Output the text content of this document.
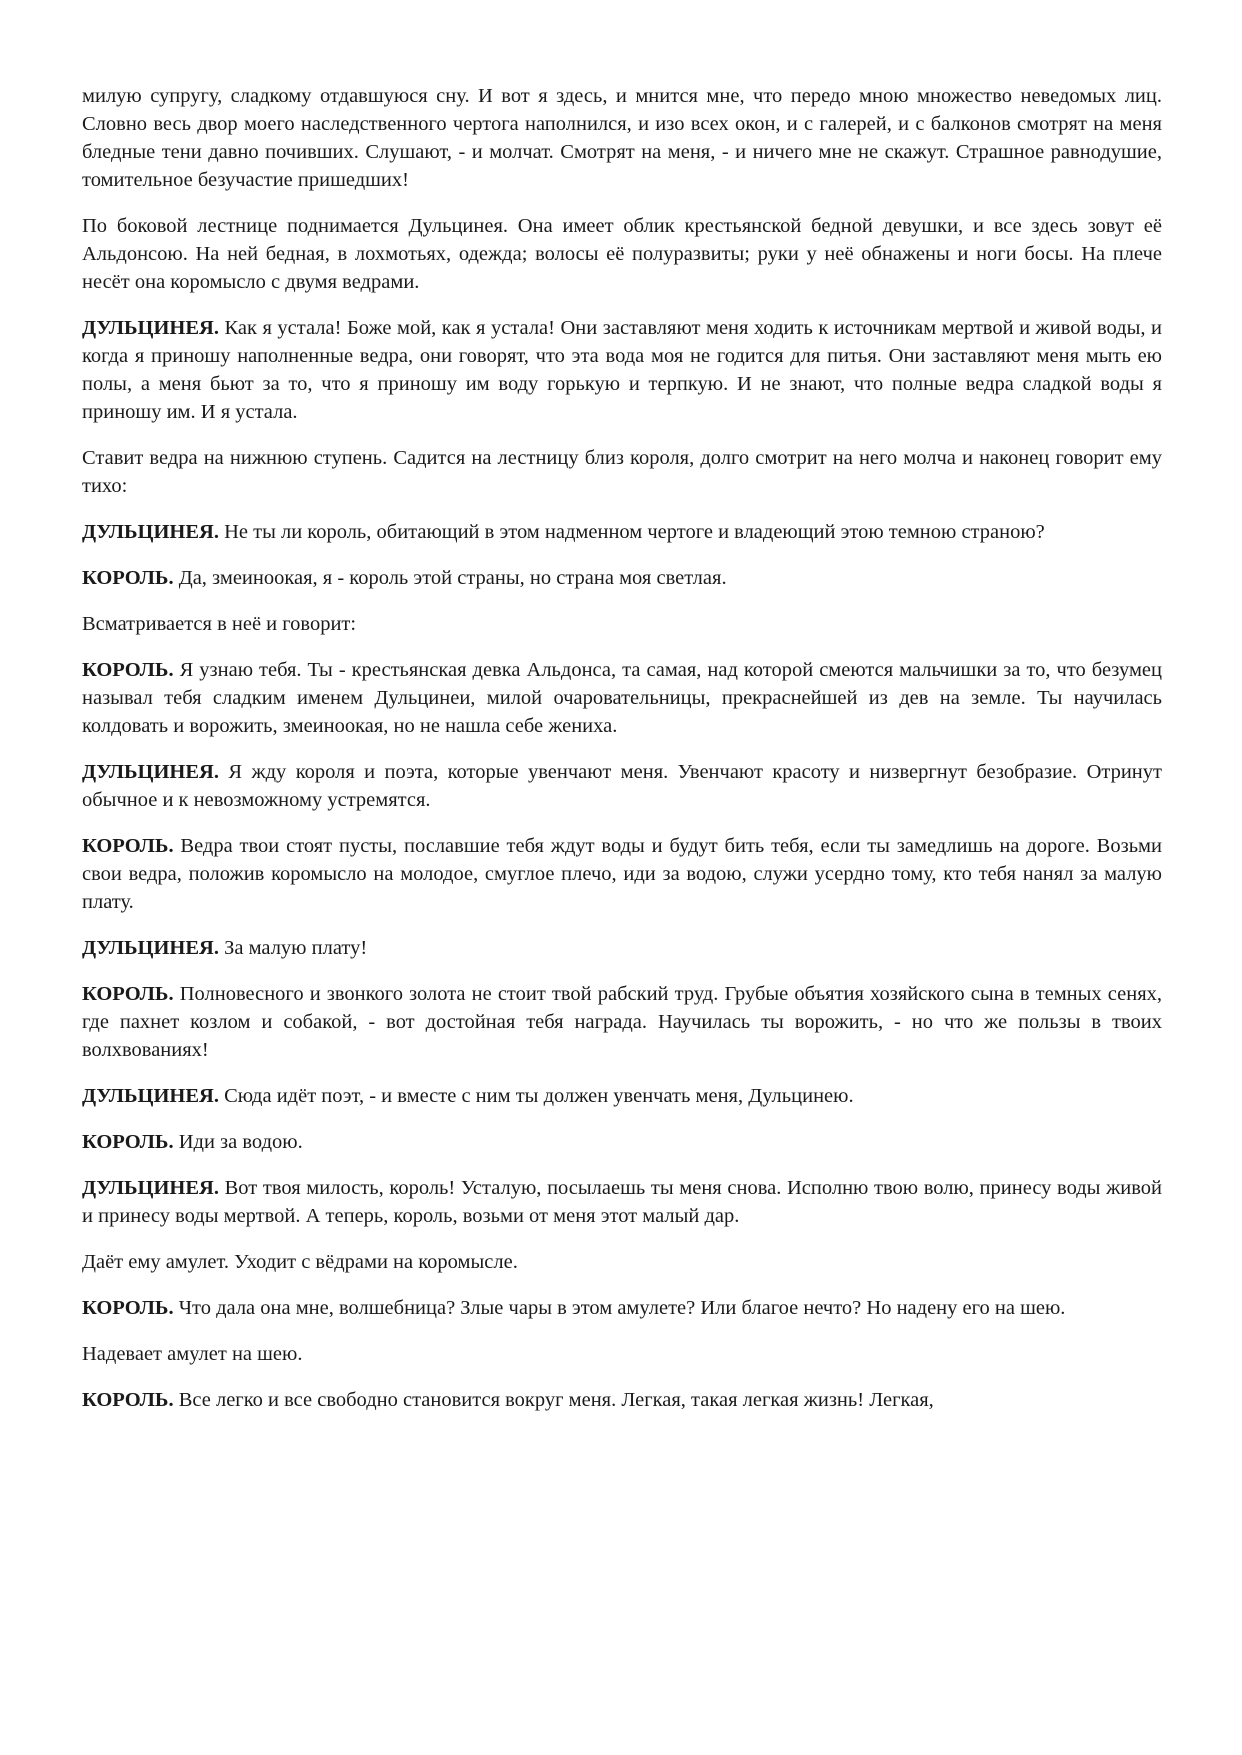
милую супругу, сладкому отдавшуюся сну. И вот я здесь, и мнится мне, что передо мною множество неведомых лиц. Словно весь двор моего наследственного чертога наполнился, и изо всех окон, и с галерей, и с балконов смотрят на меня бледные тени давно почивших. Слушают, - и молчат. Смотрят на меня, - и ничего мне не скажут. Страшное равнодушие, томительное безучастие пришедших!

По боковой лестнице поднимается Дульцинея. Она имеет облик крестьянской бедной девушки, и все здесь зовут её Альдонсою. На ней бедная, в лохмотьях, одежда; волосы её полуразвиты; руки у неё обнажены и ноги босы. На плече несёт она коромысло с двумя ведрами.

ДУЛЬЦИНЕЯ. Как я устала! Боже мой, как я устала! Они заставляют меня ходить к источникам мертвой и живой воды, и когда я приношу наполненные ведра, они говорят, что эта вода моя не годится для питья. Они заставляют меня мыть ею полы, а меня бьют за то, что я приношу им воду горькую и терпкую. И не знают, что полные ведра сладкой воды я приношу им. И я устала.

Ставит ведра на нижнюю ступень. Садится на лестницу близ короля, долго смотрит на него молча и наконец говорит ему тихо:

ДУЛЬЦИНЕЯ. Не ты ли король, обитающий в этом надменном чертоге и владеющий этою темною страною?

КОРОЛЬ. Да, змеиноокая, я - король этой страны, но страна моя светлая.

Всматривается в неё и говорит:

КОРОЛЬ. Я узнаю тебя. Ты - крестьянская девка Альдонса, та самая, над которой смеются мальчишки за то, что безумец называл тебя сладким именем Дульцинеи, милой очаровательницы, прекраснейшей из дев на земле. Ты научилась колдовать и ворожить, змеиноокая, но не нашла себе жениха.

ДУЛЬЦИНЕЯ. Я жду короля и поэта, которые увенчают меня. Увенчают красоту и низвергнут безобразие. Отринут обычное и к невозможному устремятся.

КОРОЛЬ. Ведра твои стоят пусты, пославшие тебя ждут воды и будут бить тебя, если ты замедлишь на дороге. Возьми свои ведра, положив коромысло на молодое, смуглое плечо, иди за водою, служи усердно тому, кто тебя нанял за малую плату.

ДУЛЬЦИНЕЯ. За малую плату!

КОРОЛЬ. Полновесного и звонкого золота не стоит твой рабский труд. Грубые объятия хозяйского сына в темных сенях, где пахнет козлом и собакой, - вот достойная тебя награда. Научилась ты ворожить, - но что же пользы в твоих волхвованиях!

ДУЛЬЦИНЕЯ. Сюда идёт поэт, - и вместе с ним ты должен увенчать меня, Дульцинею.

КОРОЛЬ. Иди за водою.

ДУЛЬЦИНЕЯ. Вот твоя милость, король! Усталую, посылаешь ты меня снова. Исполню твою волю, принесу воды живой и принесу воды мертвой. А теперь, король, возьми от меня этот малый дар.

Даёт ему амулет. Уходит с вёдрами на коромысле.

КОРОЛЬ. Что дала она мне, волшебница? Злые чары в этом амулете? Или благое нечто? Но надену его на шею.

Надевает амулет на шею.

КОРОЛЬ. Все легко и все свободно становится вокруг меня. Легкая, такая легкая жизнь! Легкая,
